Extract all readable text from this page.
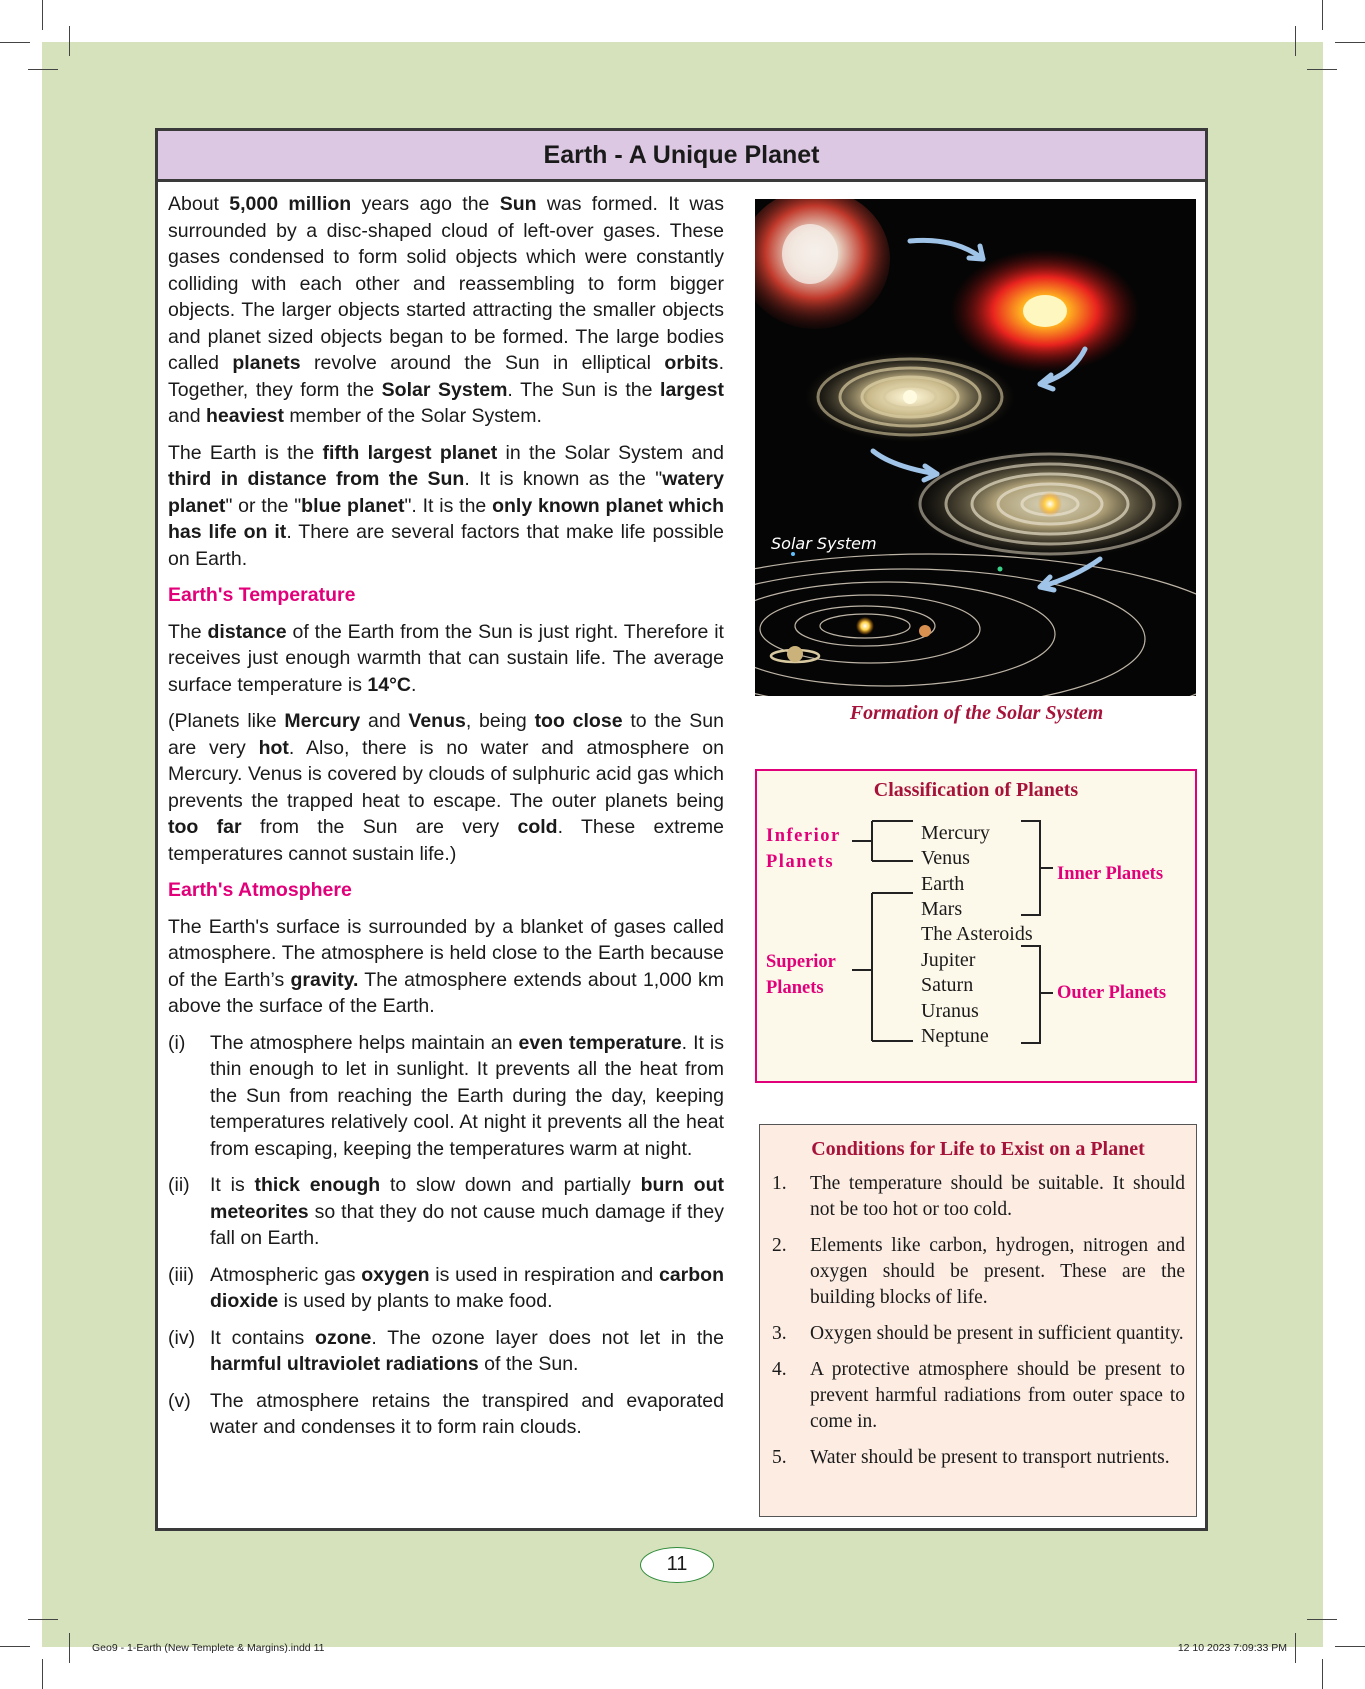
Earth - A Unique Planet

About 5,000 million years ago the Sun was formed. It was surrounded by a disc-shaped cloud of left-over gases. These gases condensed to form solid objects which were constantly colliding with each other and reassembling to form bigger objects. The larger objects started attracting the smaller objects and planet sized objects began to be formed. The large bodies called planets revolve around the Sun in elliptical orbits. Together, they form the Solar System. The Sun is the largest and heaviest member of the Solar System.

The Earth is the fifth largest planet in the Solar System and third in distance from the Sun. It is known as the "watery planet" or the "blue planet". It is the only known planet which has life on it. There are several factors that make life possible on Earth.

Earth's Temperature

The distance of the Earth from the Sun is just right. Therefore it receives just enough warmth that can sustain life. The average surface temperature is 14°C.

(Planets like Mercury and Venus, being too close to the Sun are very hot. Also, there is no water and atmosphere on Mercury. Venus is covered by clouds of sulphuric acid gas which prevents the trapped heat to escape. The outer planets being too far from the Sun are very cold. These extreme temperatures cannot sustain life.)

Earth's Atmosphere

The Earth's surface is surrounded by a blanket of gases called atmosphere. The atmosphere is held close to the Earth because of the Earth’s gravity. The atmosphere extends about 1,000 km above the surface of the Earth.

(i)	The atmosphere helps maintain an even temperature. It is thin enough to let in sunlight. It prevents all the heat from the Sun from reaching the Earth during the day, keeping temperatures relatively cool. At night it prevents all the heat from escaping, keeping the temperatures warm at night.
(ii)	It is thick enough to slow down and partially burn out meteorites so that they do not cause much damage if they fall on Earth.
(iii) Atmospheric gas oxygen is used in respiration and carbon dioxide is used by plants to make food.
(iv) It contains ozone. The ozone layer does not let in the harmful ultraviolet radiations of the Sun.
(v) The atmosphere retains the transpired and evaporated water and condenses it to form rain clouds.
Solar System
Formation of the Solar System
Classification of Planets
Inferior Planets
Superior Planets
Inner Planets
Outer Planets
Mercury
Venus
Earth
Mars
The Asteroids
Jupiter
Saturn
Uranus
Neptune
Conditions for Life to Exist on a Planet
1.	The temperature should be suitable. It should not be too hot or too cold.
2.	Elements like carbon, hydrogen, nitrogen and oxygen should be present. These are the building blocks of life.
3.	Oxygen should be present in sufficient quantity.
4.	A protective atmosphere should be present to prevent harmful radiations from outer space to come in.
5.	Water should be present to transport nutrients.
11
Geo9 - 1-Earth (New Templete & Margins).indd 11	12 10 2023 7:09:33 PM
